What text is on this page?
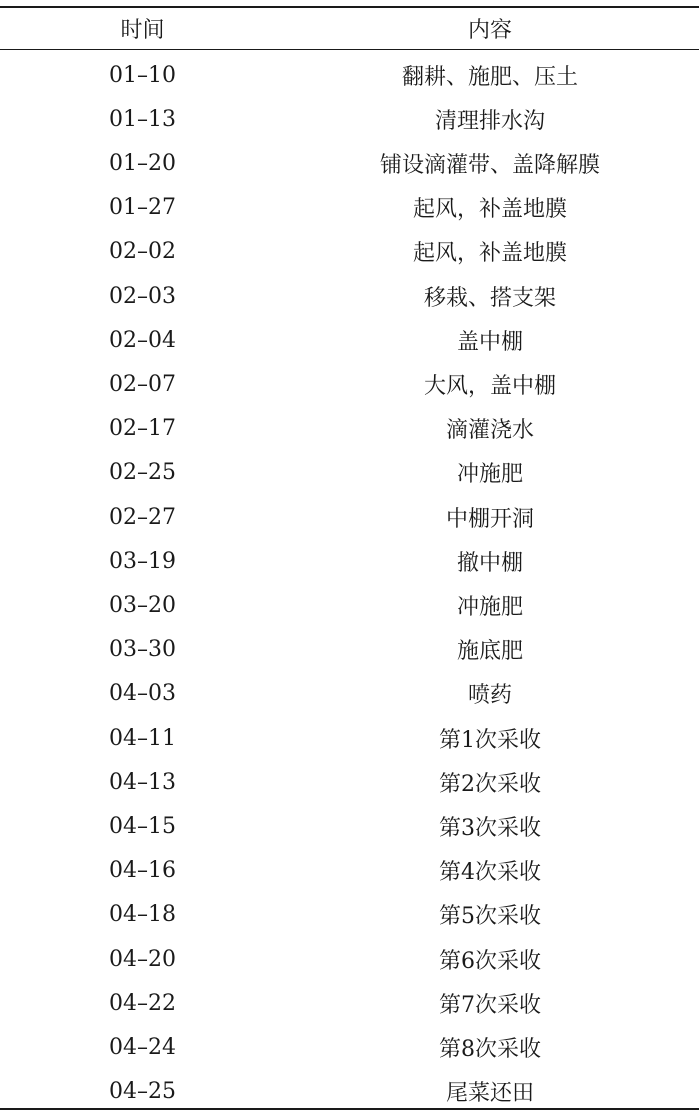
时间	内容
01–10	翻耕、施肥、压土
01–13	清理排水沟
01–20	铺设滴灌带、盖降解膜
01–27	起风，补盖地膜
02–02	起风，补盖地膜
02–03	移栽、搭支架
02–04	盖中棚
02–07	大风，盖中棚
02–17	滴灌浇水
02–25	冲施肥
02–27	中棚开洞
03–19	撤中棚
03–20	冲施肥
03–30	施底肥
04–03	喷药
04–11	第1次采收
04–13	第2次采收
04–15	第3次采收
04–16	第4次采收
04–18	第5次采收
04–20	第6次采收
04–22	第7次采收
04–24	第8次采收
04–25	尾菜还田
